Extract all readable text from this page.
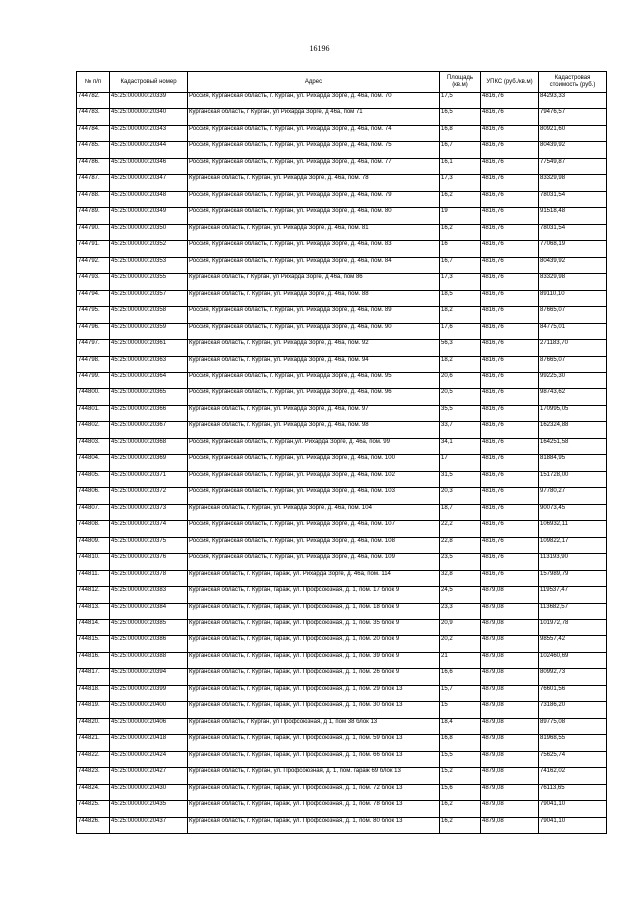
16196
№ п/п	Кадастровый номер	Адрес	Площадь (кв.м)	УПКС (руб./кв.м)	Кадастровая стоимость (руб.)
744782.	45:25:000000:20339	Россия, Курганская область, г. Курган, ул. Рихарда Зорге, д. 46а, пом. 70	17,5	4816,76	84293,33
744783.	45:25:000000:20340	Курганская область, г Курган, ул Рихарда Зорге, д 46а, пом 71	16,5	4816,76	79476,57
744784.	45:25:000000:20343	Россия, Курганская область, г. Курган, ул. Рихарда Зорге, д. 46а, пом. 74	16,8	4816,76	80921,60
744785.	45:25:000000:20344	Россия, Курганская область, г. Курган, ул. Рихарда Зорге, д. 46а, пом. 75	16,7	4816,76	80439,92
744786.	45:25:000000:20346	Россия, Курганская область, г. Курган, ул. Рихарда Зорге, д. 46а, пом. 77	16,1	4816,76	77549,87
744787.	45:25:000000:20347	Курганская область, г. Курган, ул. Рихарда Зорге, д. 46а, пом. 78	17,3	4816,76	83329,98
744788.	45:25:000000:20348	Россия, Курганская область, г. Курган, ул. Рихарда Зорге, д. 46а, пом. 79	16,2	4816,76	78031,54
744789.	45:25:000000:20349	Россия, Курганская область, г. Курган, ул. Рихарда Зорге, д. 46а, пом. 80	19	4816,76	91518,48
744790.	45:25:000000:20350	Курганская область, г. Курган, ул. Рихарда Зорге, д. 46а, пом. 81	16,2	4816,76	78031,54
744791.	45:25:000000:20352	Россия, Курганская область, г. Курган, ул. Рихарда Зорге, д. 46а, пом. 83	16	4816,76	77068,19
744792.	45:25:000000:20353	Россия, Курганская область, г. Курган, ул. Рихарда Зорге, д. 46а, пом. 84	16,7	4816,76	80439,92
744793.	45:25:000000:20355	Курганская область, г Курган, ул Рихарда Зорге, д 46а, пом 86	17,3	4816,76	83329,98
744794.	45:25:000000:20357	Курганская область, г. Курган, ул. Рихарда Зорге, д. 46а, пом. 88	18,5	4816,76	89110,10
744795.	45:25:000000:20358	Россия, Курганская область, г. Курган, ул. Рихарда Зорге, д. 46а, пом. 89	18,2	4816,76	87665,07
744796.	45:25:000000:20359	Россия, Курганская область, г. Курган, ул. Рихарда Зорге, д. 46а, пом. 90	17,6	4816,76	84775,01
744797.	45:25:000000:20361	Курганская область, г. Курган, ул. Рихарда Зорге, д. 46а, пом. 92	56,3	4816,76	271183,70
744798.	45:25:000000:20363	Курганская область, г. Курган, ул. Рихарда Зорге, д. 46а, пом. 94	18,2	4816,76	87665,07
744799.	45:25:000000:20364	Россия, Курганская область, г. Курган, ул. Рихарда Зорге, д. 46а, пом. 95	20,6	4816,76	99225,30
744800.	45:25:000000:20365	Россия, Курганская область, г. Курган, ул. Рихарда Зорге, д. 46а, пом. 96	20,5	4816,76	98743,62
744801.	45:25:000000:20366	Курганская область, г. Курган, ул. Рихарда Зорге, д. 46а, пом. 97	35,5	4816,76	170995,05
744802.	45:25:000000:20367	Курганская область, г. Курган, ул. Рихарда Зорге, д. 46а, пом. 98	33,7	4816,76	162324,88
744803.	45:25:000000:20368	Россия, Курганская область, г. Курган,ул. Рихарда Зорге, д. 46а, пом. 99	34,1	4816,76	164251,58
744804.	45:25:000000:20369	Россия, Курганская область, г. Курган, ул. Рихарда Зорге, д. 46а, пом. 100	17	4816,76	81884,95
744805.	45:25:000000:20371	Россия, Курганская область, г. Курган, ул. Рихарда Зорге, д. 46а, пом. 102	31,5	4816,76	151728,00
744806.	45:25:000000:20372	Россия, Курганская область, г. Курган, ул. Рихарда Зорге, д. 46а, пом. 103	20,3	4816,76	97780,27
744807.	45:25:000000:20373	Курганская область, г. Курган, ул. Рихарда Зорге, д. 46а, пом. 104	18,7	4816,76	90073,45
744808.	45:25:000000:20374	Россия, Курганская область, г. Курган, ул. Рихарда Зорге, д. 46а, пом. 107	22,2	4816,76	106932,11
744809.	45:25:000000:20375	Россия, Курганская область, г. Курган, ул. Рихарда Зорге, д. 46а, пом. 108	22,8	4816,76	109822,17
744810.	45:25:000000:20376	Россия, Курганская область, г. Курган, ул. Рихарда Зорге, д. 46а, пом. 109	23,5	4816,76	113193,90
744811.	45:25:000000:20378	Курганская область, г. Курган, гараж, ул. Рихарда Зорге, д. 46а, пом. 114	32,8	4816,76	157989,79
744812.	45:25:000000:20383	Курганская область, г. Курган, гараж, ул. Профсоюзная, д. 1, пом. 17 блок 9	24,5	4879,08	119537,47
744813.	45:25:000000:20384	Курганская область, г. Курган, гараж, ул. Профсоюзная, д. 1, пом. 18 блок 9	23,3	4879,08	113682,57
744814.	45:25:000000:20385	Курганская область, г. Курган, гараж, ул. Профсоюзная, д. 1, пом. 35 блок 9	20,9	4879,08	101972,78
744815.	45:25:000000:20386	Курганская область, г. Курган, гараж, ул. Профсоюзная, д. 1, пом. 20 блок 9	20,2	4879,08	98557,42
744816.	45:25:000000:20388	Курганская область, г. Курган, гараж, ул. Профсоюзная, д. 1, пом. 39 блок 9	21	4879,08	102460,69
744817.	45:25:000000:20394	Курганская область, г. Курган, гараж, ул. Профсоюзная, д. 1, пом. 26 блок 9	16,6	4879,08	80992,73
744818.	45:25:000000:20399	Курганская область, г. Курган, гараж, ул. Профсоюзная, д. 1, пом. 29 блок 13	15,7	4879,08	76601,56
744819.	45:25:000000:20400	Курганская область, г. Курган, гараж, ул. Профсоюзная, д. 1, пом. 30 блок 13	15	4879,08	73186,20
744820.	45:25:000000:20406	Курганская область, г Курган, ул Профсоюзная, д 1, пом 38 блок 13	18,4	4879,08	89775,08
744821.	45:25:000000:20418	Курганская область, г. Курган, гараж, ул. Профсоюзная, д. 1, пом. 59 блок 13	16,8	4879,08	81968,55
744822.	45:25:000000:20424	Курганская область, г. Курган, гараж, ул. Профсоюзная, д. 1, пом. 66 блок 13	15,5	4879,08	75625,74
744823.	45:25:000000:20427	Курганская область, г. Курган, ул. Профсоюзная, д. 1, пом. гараж 69 блок 13	15,2	4879,08	74162,02
744824.	45:25:000000:20430	Курганская область, г. Курган, гараж, ул. Профсоюзная, д. 1, пом. 72 блок 13	15,6	4879,08	76113,65
744825.	45:25:000000:20435	Курганская область, г. Курган, гараж, ул. Профсоюзная, д. 1, пом. 78 блок 13	16,2	4879,08	79041,10
744826.	45:25:000000:20437	Курганская область, г. Курган, гараж, ул. Профсоюзная, д. 1, пом. 80 блок 13	16,2	4879,08	79041,10
